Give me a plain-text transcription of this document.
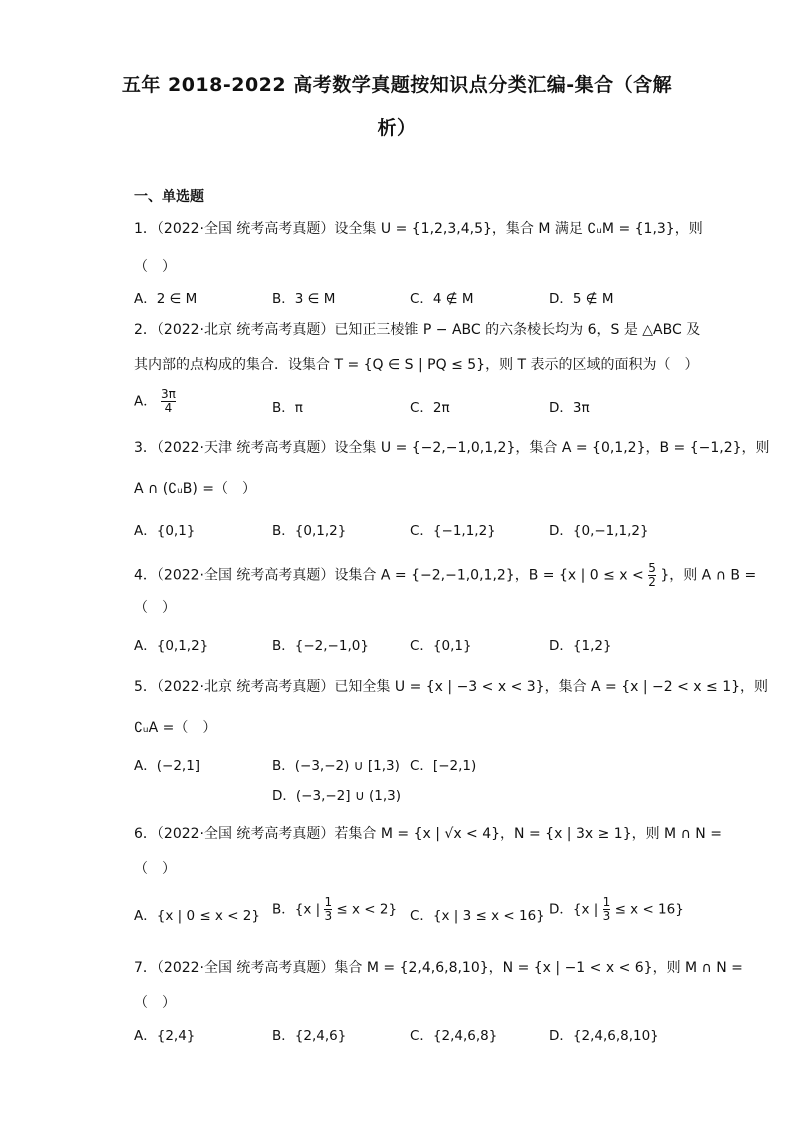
五年 2018-2022 高考数学真题按知识点分类汇编-集合（含解
析）
一、单选题
1．（2022·全国 统考高考真题）设全集 U = {1,2,3,4,5}，集合 M 满足 ∁ᵤM = {1,3}，则
（　）
A．2 ∈ M	B．3 ∈ M	C．4 ∉ M	D．5 ∉ M
2．（2022·北京 统考高考真题）已知正三棱锥 P − ABC 的六条棱长均为 6，S 是 △ABC 及
其内部的点构成的集合．设集合 T = {Q ∈ S | PQ ≤ 5}，则 T 表示的区域的面积为（　）
A． $\frac{3\pi}{4}$	B．π	C．2π	D．3π
3．（2022·天津 统考高考真题）设全集 U = {−2,−1,0,1,2}，集合 A = {0,1,2}，B = {−1,2}，则
A ∩ (∁ᵤB) =（　）
A．{0,1}	B．{0,1,2}	C．{−1,1,2}	D．{0,−1,1,2}
4．（2022·全国 统考高考真题）设集合 A = {−2,−1,0,1,2}，B = {x | $0 \le x < \frac{5}{2}$ }，则 A ∩ B =
（　）
A．{0,1,2}	B．{−2,−1,0}	C．{0,1}	D．{1,2}
5．（2022·北京 统考高考真题）已知全集 U = {x | −3 < x < 3}，集合 A = {x | −2 < x ≤ 1}，则
∁ᵤA =（　）
A．(−2,1]	B．(−3,−2) ∪ [1,3) C．[−2,1)
D．(−3,−2] ∪ (1,3)
6．（2022·全国 统考高考真题）若集合 M = {x | √x < 4}，N = {x | 3x ≥ 1}，则 M ∩ N =
（　）
A．{x | 0 ≤ x < 2} B．{x | $\frac{1}{3} \le x < 2$} C．{x | 3 ≤ x < 16} D．{x | $\frac{1}{3} \le x < 16$}
7．（2022·全国 统考高考真题）集合 M = {2,4,6,8,10}，N = {x | −1 < x < 6}，则 M ∩ N =
（　）
A．{2,4}	B．{2,4,6}	C．{2,4,6,8}	D．{2,4,6,8,10}
